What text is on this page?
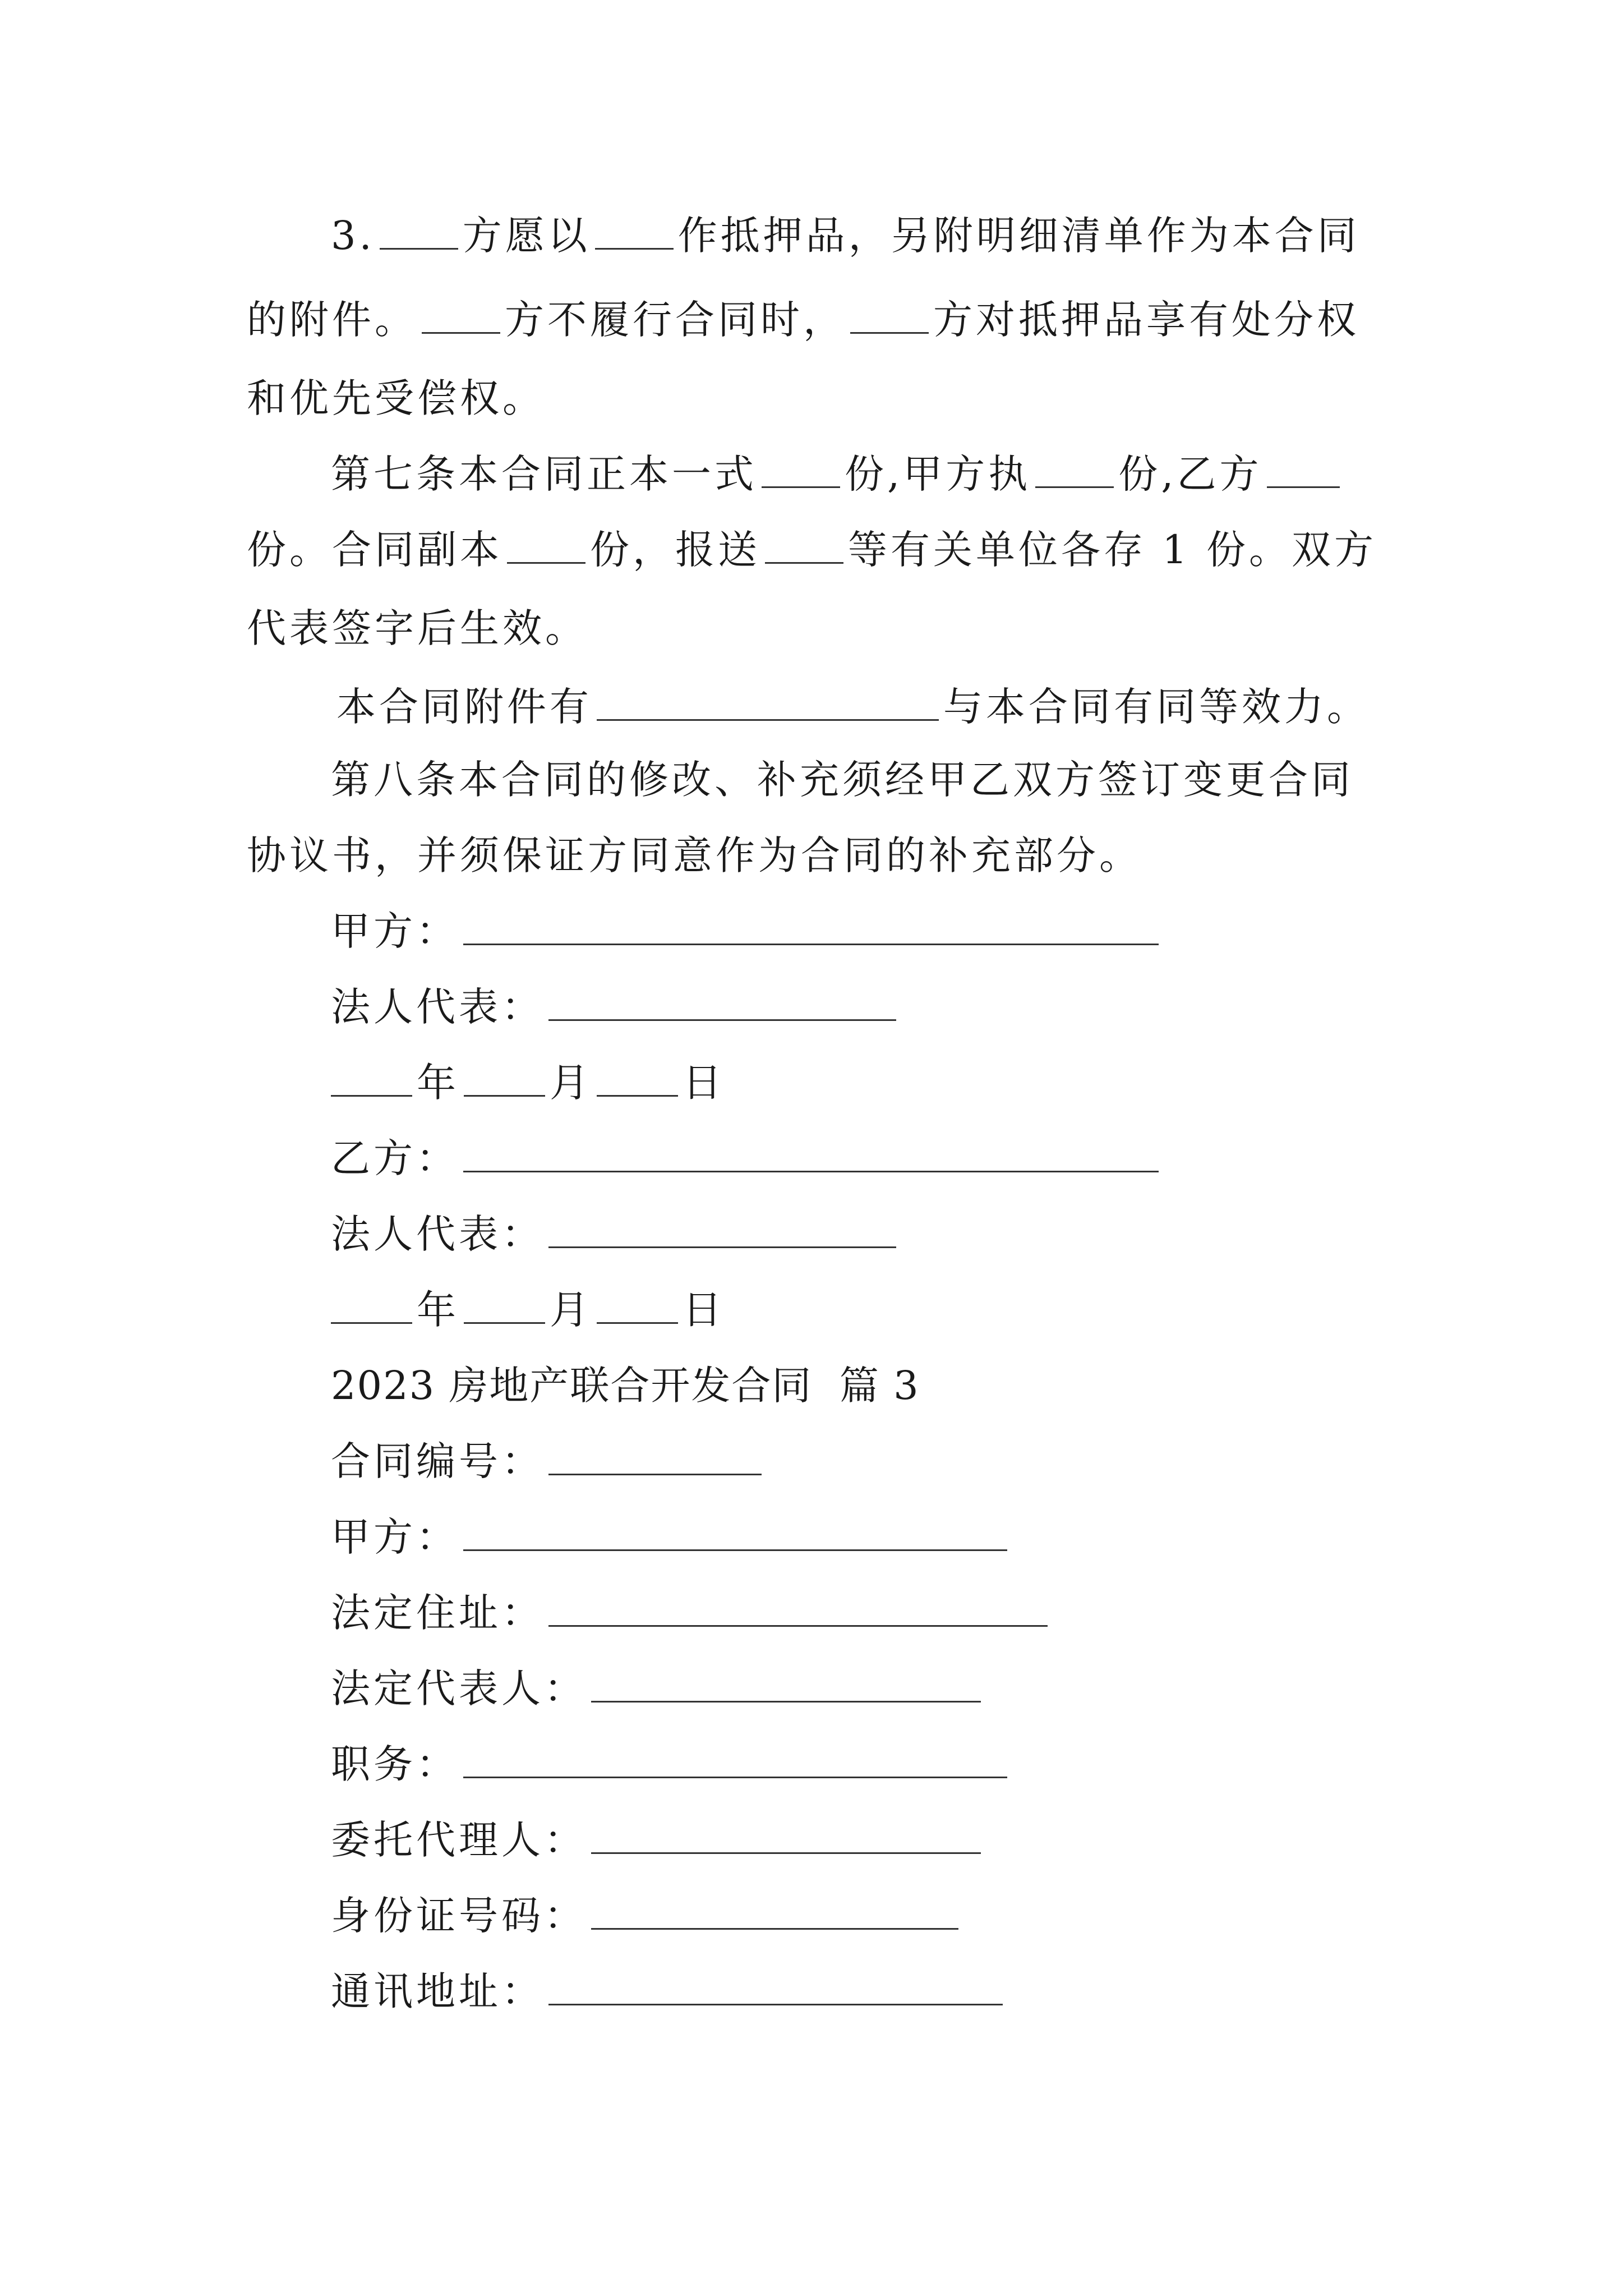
3. 方愿以 作抵押品，另附明细清单作为本合同
的附件。 方不履行合同时， 方对抵押品享有处分权
和优先受偿权。
第七条本合同正本一式 份,甲方执 份,乙方
份。合同副本 份，报送 等有关单位各存 1 份。双方
代表签字后生效。
本合同附件有	与本合同有同等效力。
第八条本合同的修改、补充须经甲乙双方签订变更合同
协议书，并须保证方同意作为合同的补充部分。
甲方：
法人代表：
年 月 日
乙方：
法人代表：
年 月 日
2023 房地产联合开发合同  篇 3
合同编号：
甲方：
法定住址：
法定代表人：
职务：
委托代理人：
身份证号码：
通讯地址：
